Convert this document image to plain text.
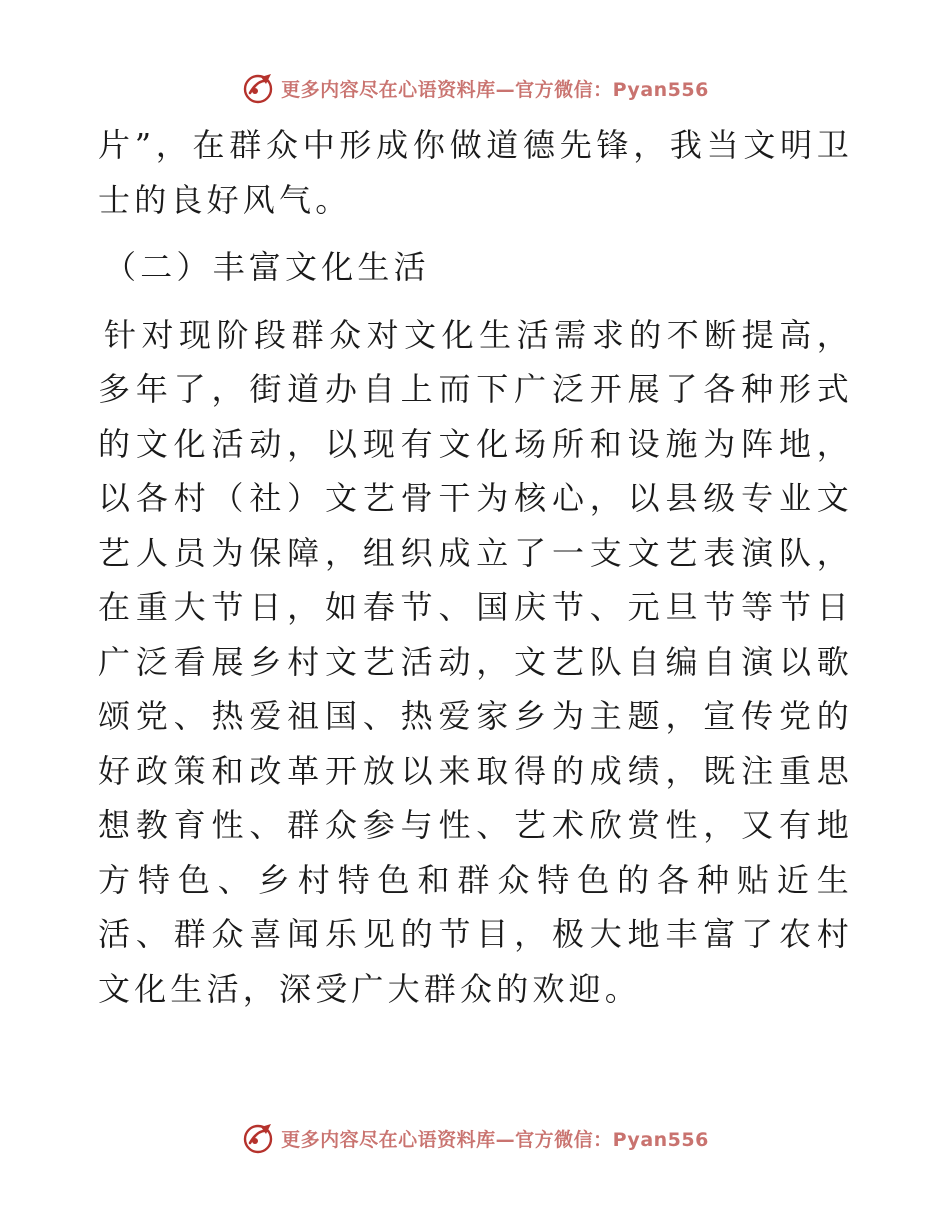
更多内容尽在心语资料库—官方微信：Pyan556

片”，在群众中形成你做道德先锋，我当文明卫士的良好风气。

（二）丰富文化生活

针对现阶段群众对文化生活需求的不断提高，多年了，街道办自上而下广泛开展了各种形式的文化活动，以现有文化场所和设施为阵地，以各村（社）文艺骨干为核心，以县级专业文艺人员为保障，组织成立了一支文艺表演队，在重大节日，如春节、国庆节、元旦节等节日广泛看展乡村文艺活动，文艺队自编自演以歌颂党、热爱祖国、热爱家乡为主题，宣传党的好政策和改革开放以来取得的成绩，既注重思想教育性、群众参与性、艺术欣赏性，又有地方特色、乡村特色和群众特色的各种贴近生活、群众喜闻乐见的节目，极大地丰富了农村文化生活，深受广大群众的欢迎。

更多内容尽在心语资料库—官方微信：Pyan556
